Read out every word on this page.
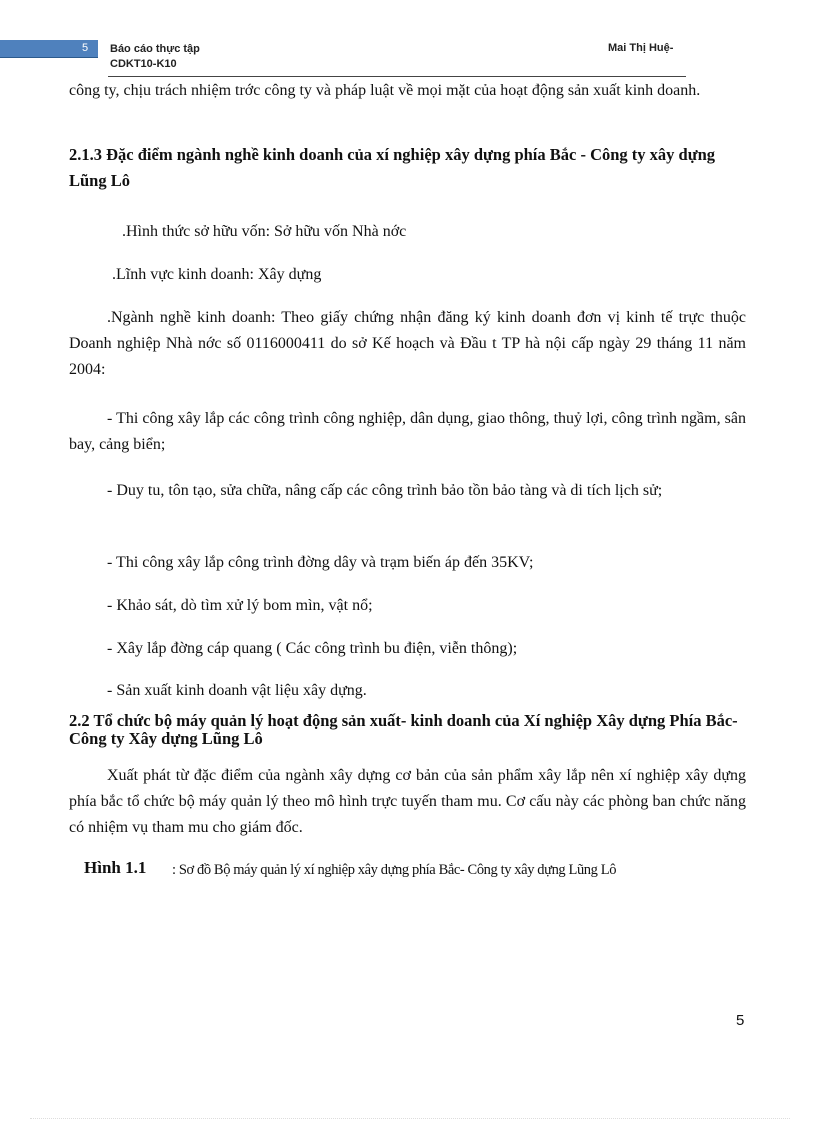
5	Báo cáo thực tập
CDKT10-K10
Mai Thị Huệ-
công ty, chịu trách nhiệm trớc công ty và pháp luật về mọi mặt của hoạt động sản xuất kinh doanh.
2.1.3 Đặc điểm ngành nghề kinh doanh của xí nghiệp xây dựng phía Bắc - Công ty xây dựng Lũng Lô
.Hình thức sở hữu vốn: Sở hữu vốn Nhà nớc
.Lĩnh vực kinh doanh: Xây dựng
.Ngành nghề kinh doanh: Theo giấy chứng nhận đăng ký kinh doanh đơn vị kinh tế trực thuộc Doanh nghiệp Nhà nớc số 0116000411 do sở Kế hoạch và Đầu t TP hà nội cấp ngày 29 tháng 11 năm 2004:
- Thi công xây lắp các công trình công nghiệp, dân dụng, giao thông, thuỷ lợi, công trình ngầm, sân bay, cảng biển;
- Duy tu, tôn tạo, sửa chữa, nâng cấp các công trình bảo tồn bảo tàng và di tích lịch sử;
- Thi công xây lắp công trình đờng dây và trạm biến áp đến 35KV;
- Khảo sát, dò tìm xử lý bom mìn, vật nổ;
- Xây lắp đờng cáp quang ( Các công trình bu điện, viễn thông);
- Sản xuất kinh doanh vật liệu xây dựng.
2.2 Tổ chức bộ máy quản lý hoạt động sản xuất- kinh doanh của Xí nghiệp Xây dựng Phía Bắc- Công ty Xây dựng Lũng Lô
Xuất phát từ đặc điểm của ngành xây dựng cơ bản của sản phẩm xây lắp nên xí nghiệp xây dựng phía bắc tổ chức bộ máy quản lý theo mô hình trực tuyến tham mu. Cơ cấu này các phòng ban chức năng có nhiệm vụ tham mu cho giám đốc.
Hình 1.1 : Sơ đồ Bộ máy quản lý xí nghiệp xây dựng phía Bắc- Công ty xây dựng Lũng Lô
5
